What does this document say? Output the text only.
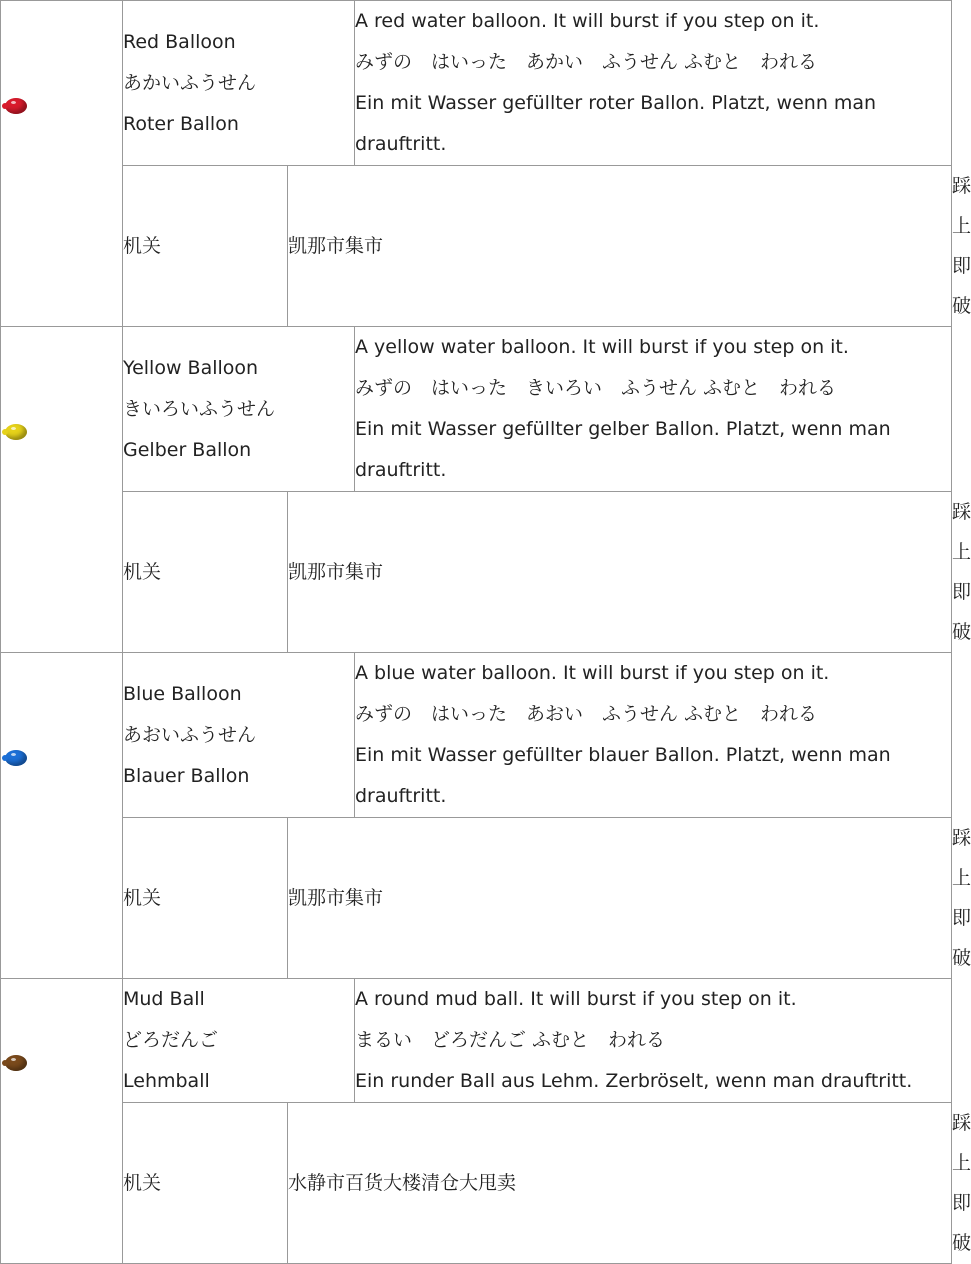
	Red Balloon
あかいふうせん
Roter Ballon		A red water balloon. It will burst if you step on it.
みずの　はいった　あかい　ふうせん ふむと　われる
Ein mit Wasser gefüllter roter Ballon. Platzt, wenn man drauftritt.	

	机关	凯那市集市		踩上即破

	Yellow Balloon
きいろいふうせん
Gelber Ballon		A yellow water balloon. It will burst if you step on it.
みずの　はいった　きいろい　ふうせん ふむと　われる
Ein mit Wasser gefüllter gelber Ballon. Platzt, wenn man drauftritt.	

	机关	凯那市集市		踩上即破

	Blue Balloon
あおいふうせん
Blauer Ballon		A blue water balloon. It will burst if you step on it.
みずの　はいった　あおい　ふうせん ふむと　われる
Ein mit Wasser gefüllter blauer Ballon. Platzt, wenn man drauftritt.	

	机关	凯那市集市		踩上即破

	Mud Ball
どろだんご
Lehmball		A round mud ball. It will burst if you step on it.
まるい　どろだんご ふむと　われる
Ein runder Ball aus Lehm. Zerbröselt, wenn man drauftritt.	

	机关	水静市百货大楼清仓大甩卖		踩上即破
